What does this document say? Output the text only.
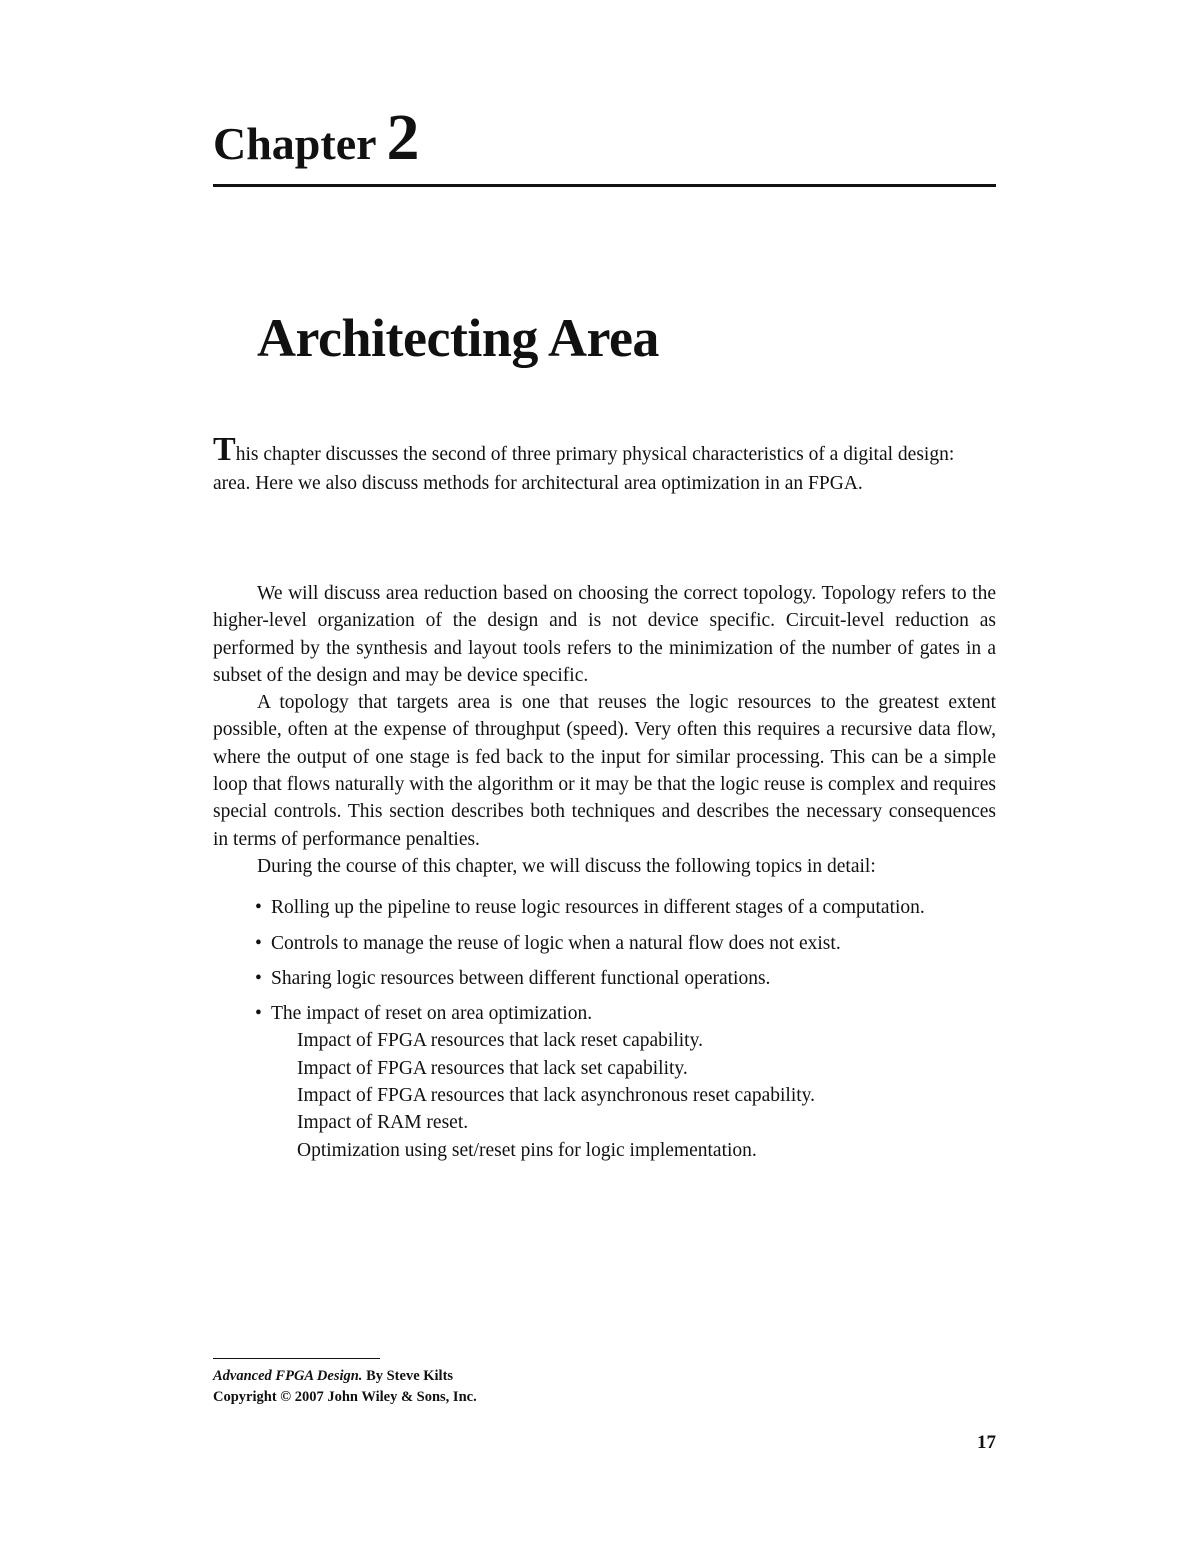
Chapter 2
Architecting Area
This chapter discusses the second of three primary physical characteristics of a digital design: area. Here we also discuss methods for architectural area optimization in an FPGA.

We will discuss area reduction based on choosing the correct topology. Topology refers to the higher-level organization of the design and is not device specific. Circuit-level reduction as performed by the synthesis and layout tools refers to the minimization of the number of gates in a subset of the design and may be device specific.

A topology that targets area is one that reuses the logic resources to the greatest extent possible, often at the expense of throughput (speed). Very often this requires a recursive data flow, where the output of one stage is fed back to the input for similar processing. This can be a simple loop that flows naturally with the algorithm or it may be that the logic reuse is complex and requires special controls. This section describes both techniques and describes the necessary consequences in terms of performance penalties.

During the course of this chapter, we will discuss the following topics in detail:

• Rolling up the pipeline to reuse logic resources in different stages of a computation.
• Controls to manage the reuse of logic when a natural flow does not exist.
• Sharing logic resources between different functional operations.
• The impact of reset on area optimization.
Impact of FPGA resources that lack reset capability.
Impact of FPGA resources that lack set capability.
Impact of FPGA resources that lack asynchronous reset capability.
Impact of RAM reset.
Optimization using set/reset pins for logic implementation.
Advanced FPGA Design. By Steve Kilts
Copyright © 2007 John Wiley & Sons, Inc.
17
